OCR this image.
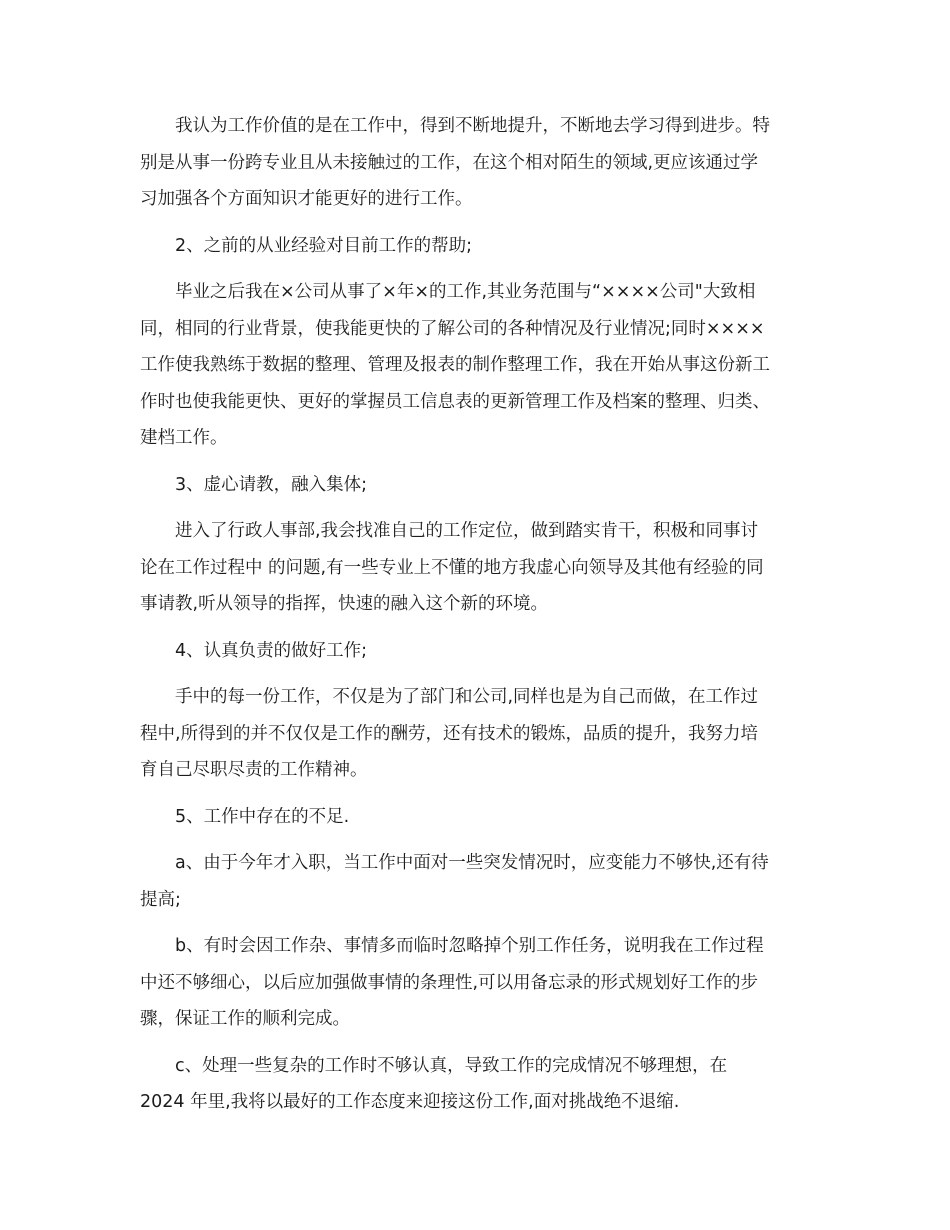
我认为工作价值的是在工作中，得到不断地提升，不断地去学习得到进步。特
别是从事一份跨专业且从未接触过的工作，在这个相对陌生的领域,更应该通过学
习加强各个方面知识才能更好的进行工作。

2、之前的从业经验对目前工作的帮助;

毕业之后我在×公司从事了×年×的工作,其业务范围与“××××公司"大致相
同，相同的行业背景，使我能更快的了解公司的各种情况及行业情况;同时××××
工作使我熟练于数据的整理、管理及报表的制作整理工作，我在开始从事这份新工
作时也使我能更快、更好的掌握员工信息表的更新管理工作及档案的整理、归类、
建档工作。

3、虚心请教，融入集体;

进入了行政人事部,我会找准自己的工作定位，做到踏实肯干，积极和同事讨
论在工作过程中 的问题,有一些专业上不懂的地方我虚心向领导及其他有经验的同
事请教,听从领导的指挥，快速的融入这个新的环境。

4、认真负责的做好工作;

手中的每一份工作，不仅是为了部门和公司,同样也是为自己而做，在工作过
程中,所得到的并不仅仅是工作的酬劳，还有技术的锻炼，品质的提升，我努力培
育自己尽职尽责的工作精神。

5、工作中存在的不足.

a、由于今年才入职，当工作中面对一些突发情况时，应变能力不够快,还有待
提高;

b、有时会因工作杂、事情多而临时忽略掉个别工作任务，说明我在工作过程
中还不够细心，以后应加强做事情的条理性,可以用备忘录的形式规划好工作的步
骤，保证工作的顺利完成。

c、处理一些复杂的工作时不够认真，导致工作的完成情况不够理想，在
2024 年里,我将以最好的工作态度来迎接这份工作,面对挑战绝不退缩.
